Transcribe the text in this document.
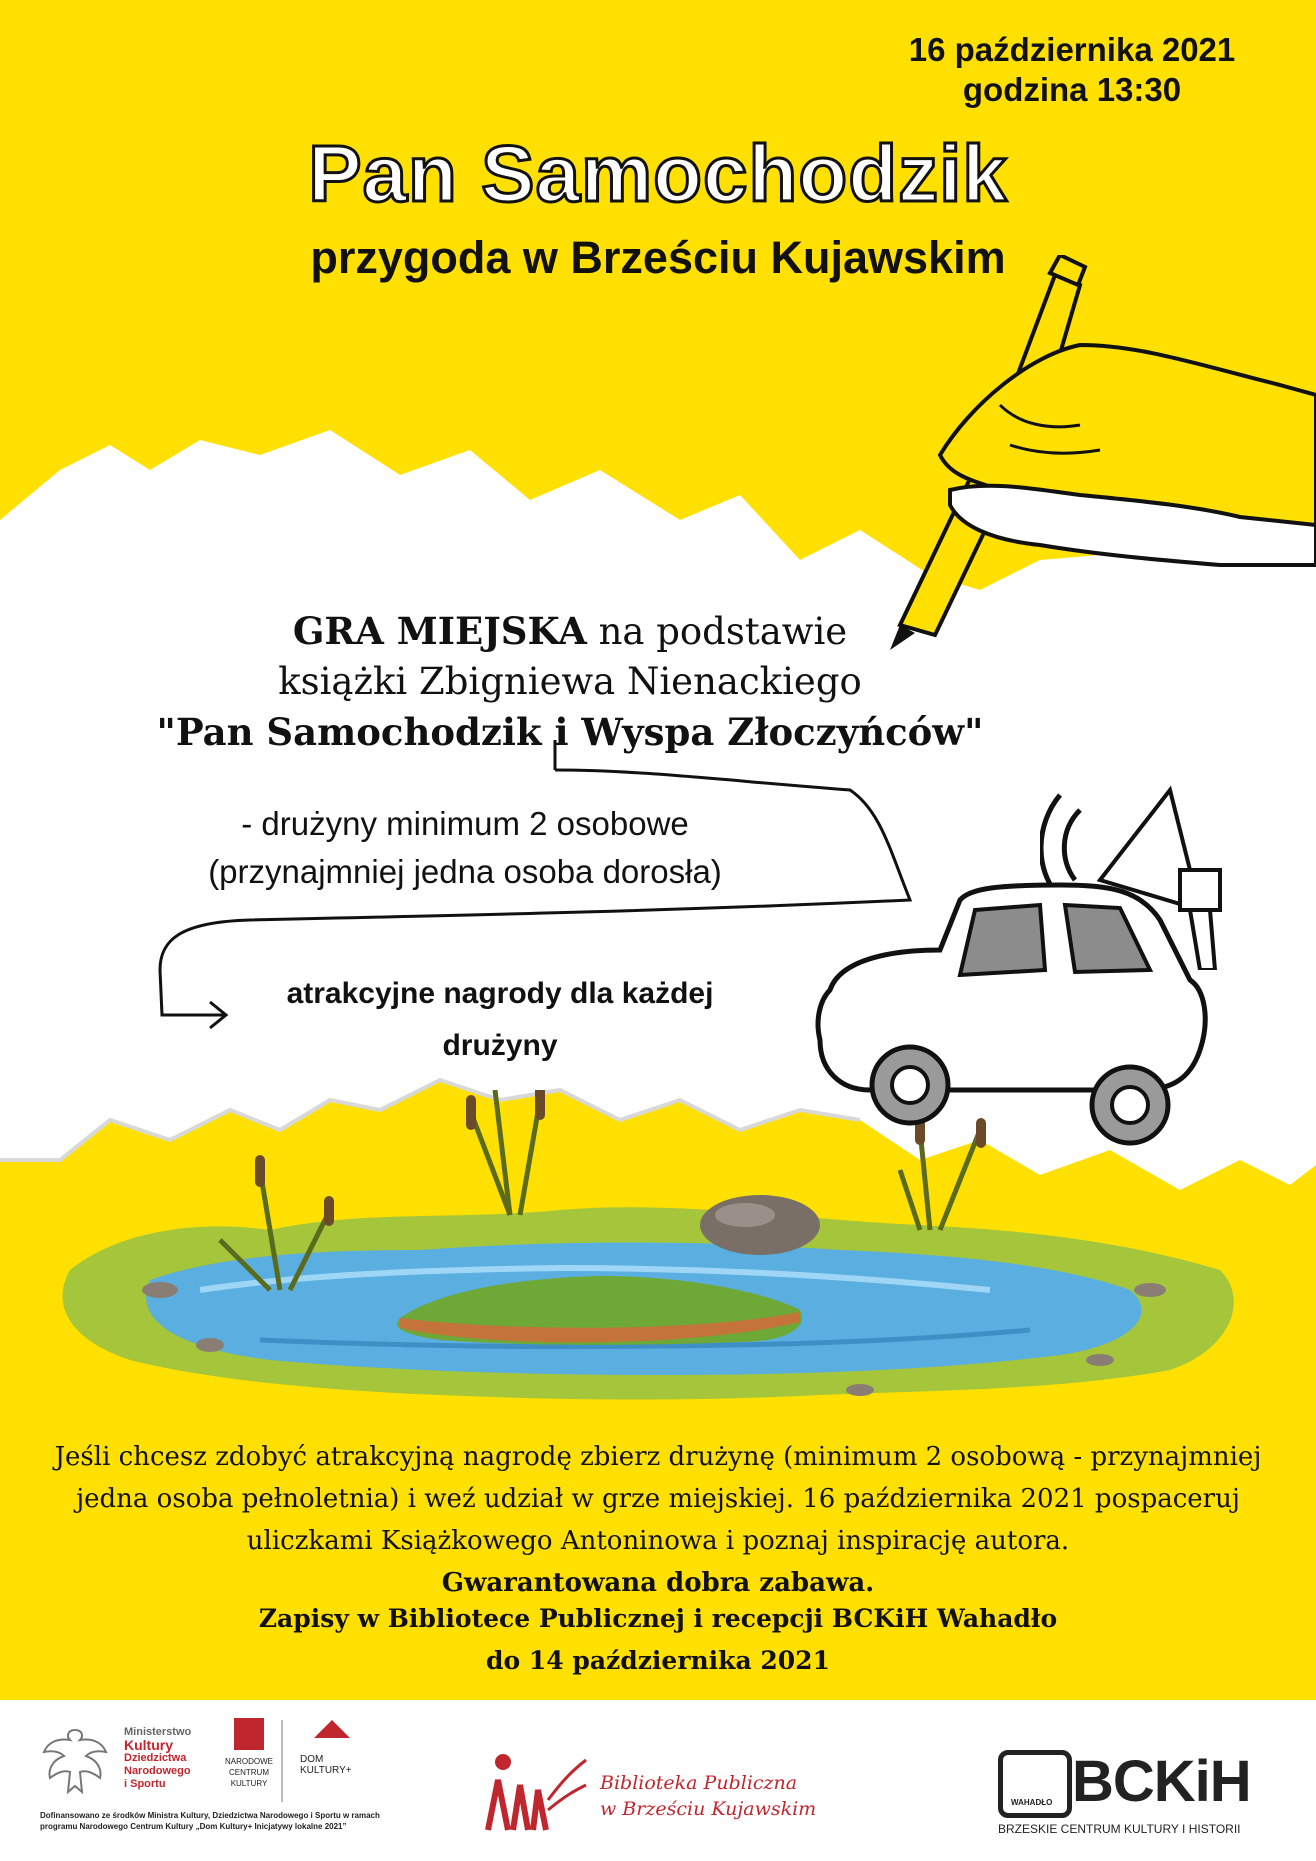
16 października 2021
godzina 13:30
Pan Samochodzik
przygoda w Brześciu Kujawskim
GRA MIEJSKA na podstawie
książki Zbigniewa Nienackiego
"Pan Samochodzik i Wyspa Złoczyńców"
- drużyny minimum 2 osobowe
(przynajmniej jedna osoba dorosła)
atrakcyjne nagrody dla każdej
drużyny
Jeśli chcesz zdobyć atrakcyjną nagrodę zbierz drużynę (minimum 2 osobową - przynajmniej
jedna osoba pełnoletnia) i weź udział w grze miejskiej. 16 października 2021 pospaceruj
uliczkami Książkowego Antoninowa i poznaj inspirację autora.
Gwarantowana dobra zabawa.
Zapisy w Bibliotece Publicznej i recepcji BCKiH Wahadło
do 14 października 2021
Ministerstwo
Kultury
Dziedzictwa
Narodowego
i Sportu
NARODOWE
CENTRUM
KULTURY
DOM
KULTURY+
Dofinansowano ze środków Ministra Kultury, Dziedzictwa Narodowego i Sportu w ramach
programu Narodowego Centrum Kultury „Dom Kultury+ Inicjatywy lokalne 2021”
Biblioteka Publiczna
w Brześciu Kujawskim	WAHADŁO BCKiH
BRZESKIE CENTRUM KULTURY I HISTORII
